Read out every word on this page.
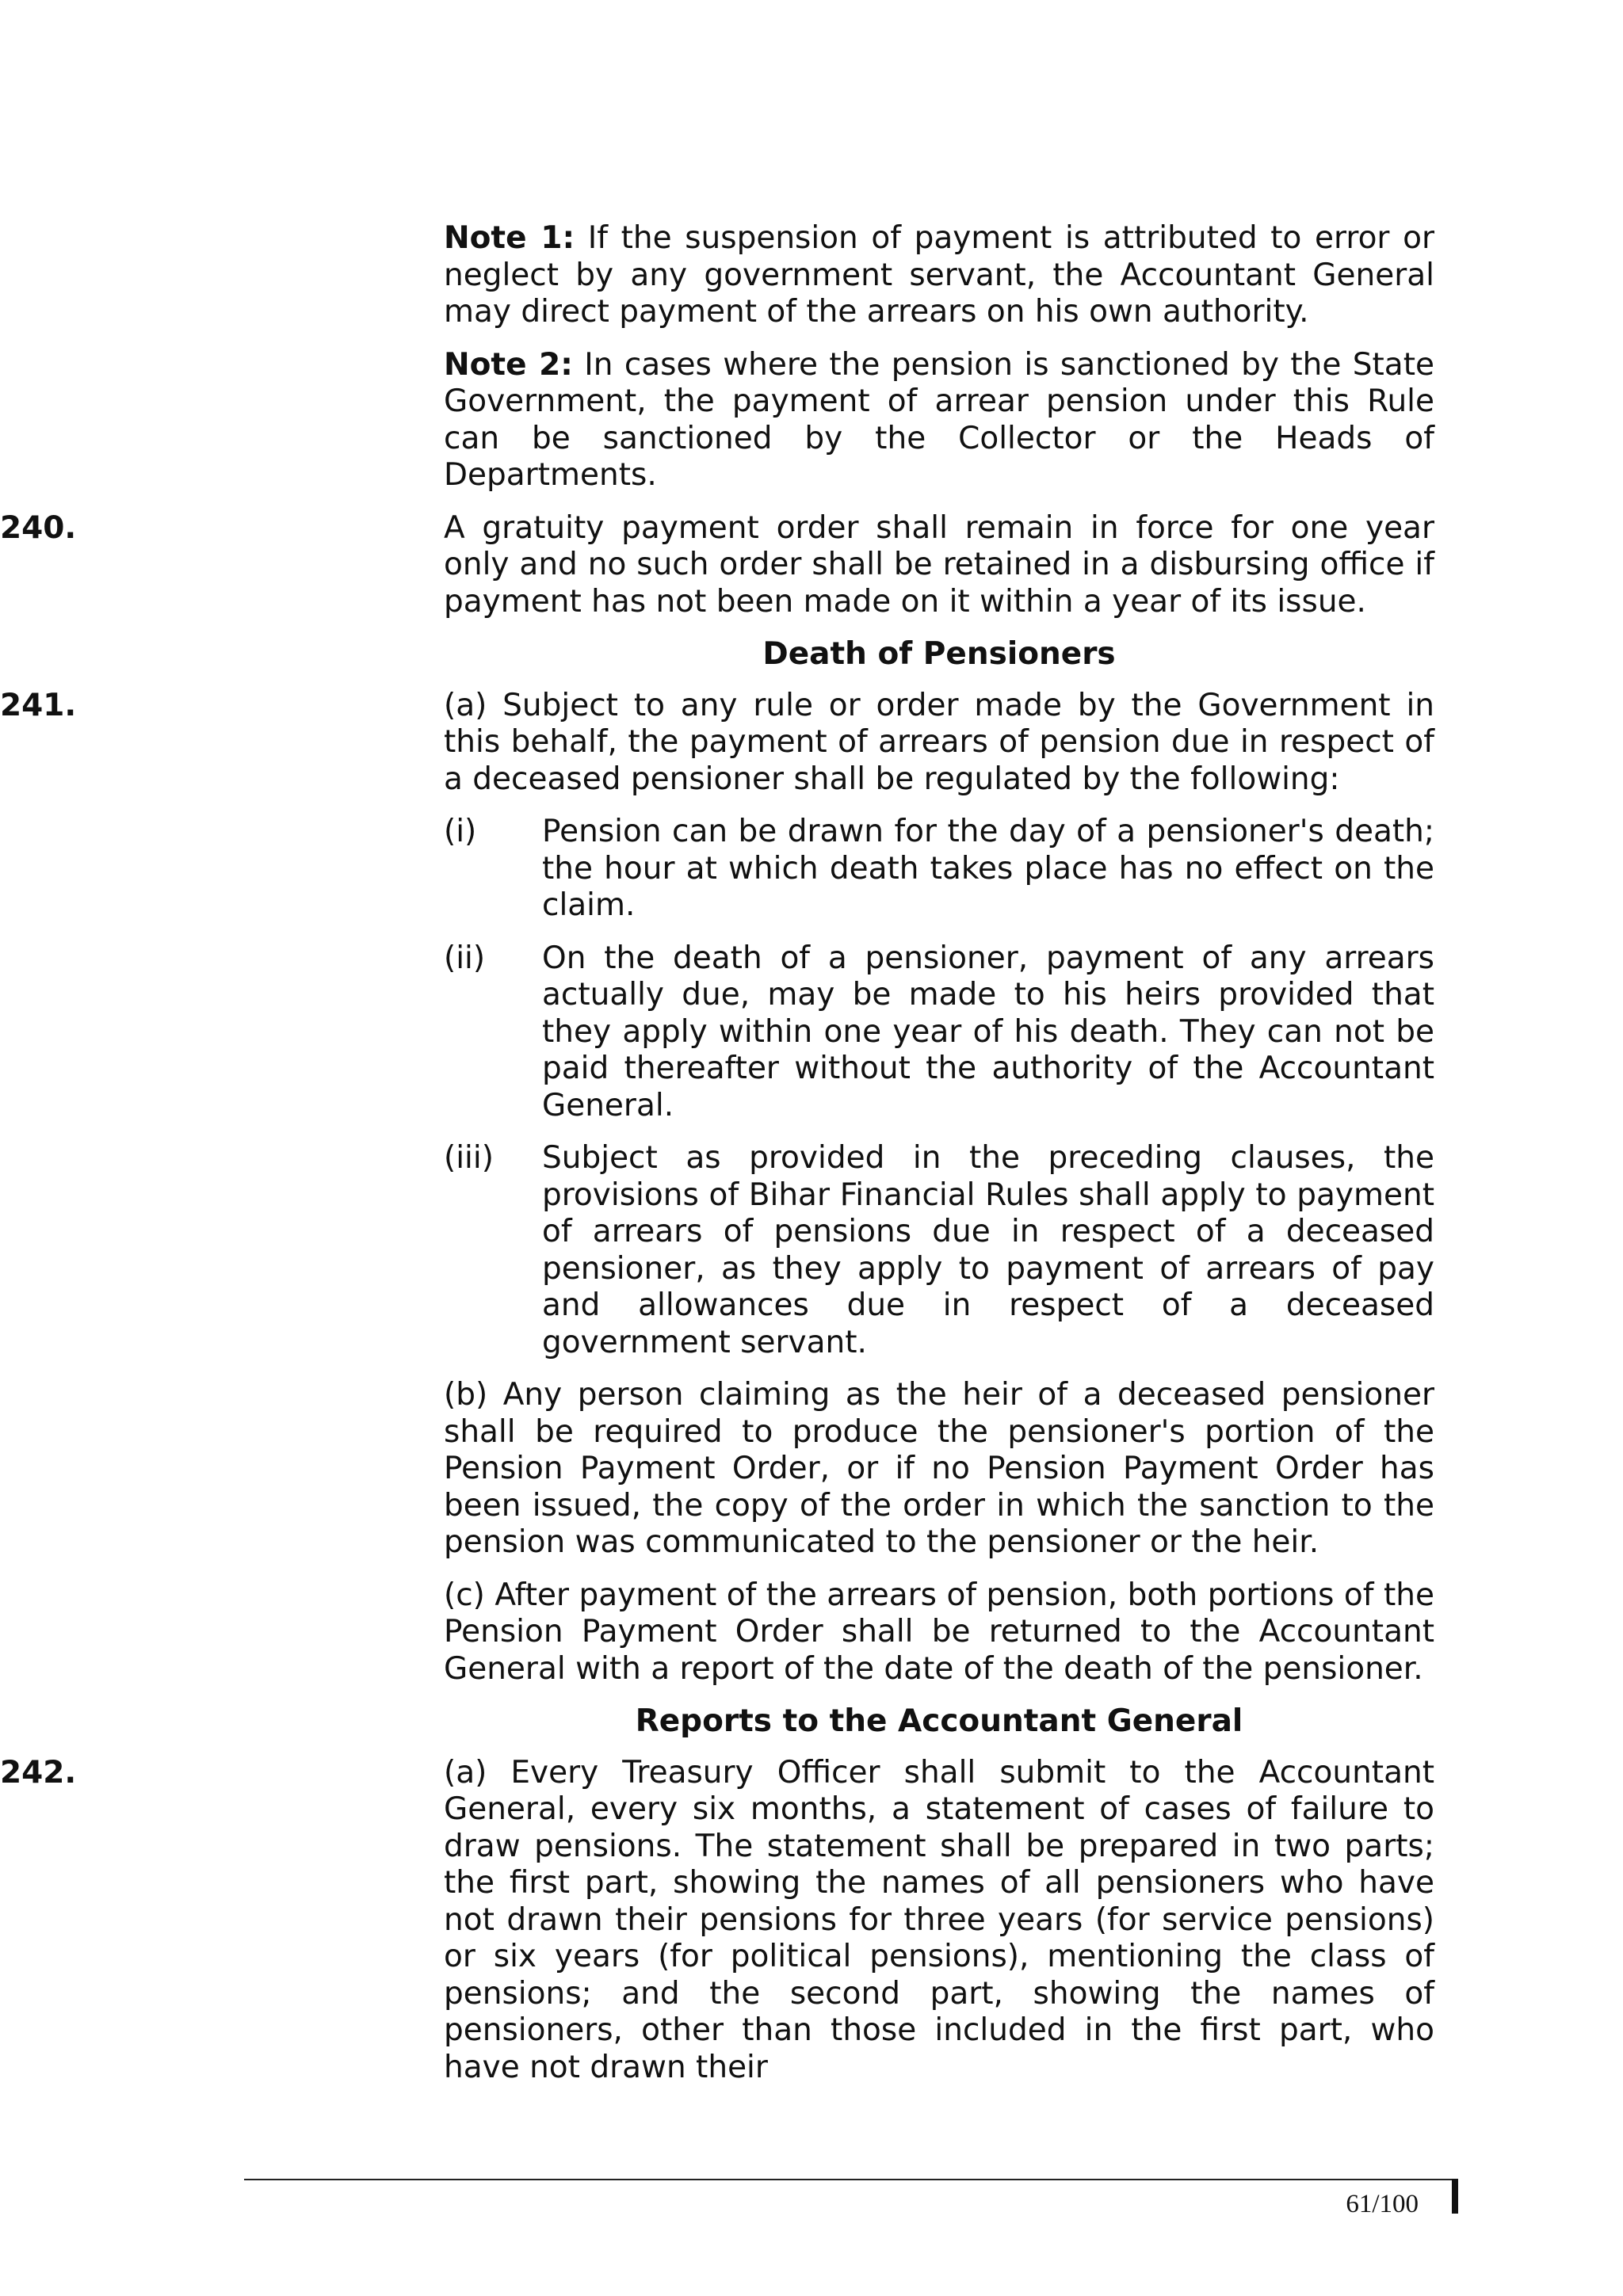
Note 1: If the suspension of payment is attributed to error or neglect by any government servant, the Accountant General may direct payment of the arrears on his own authority.

Note 2: In cases where the pension is sanctioned by the State Government, the payment of arrear pension under this Rule can be sanctioned by the Collector or the Heads of Departments.

240.	A gratuity payment order shall remain in force for one year only and no such order shall be retained in a disbursing office if payment has not been made on it within a year of its issue.

Death of Pensioners
241.	(a) Subject to any rule or order made by the Government in this behalf, the payment of arrears of pension due in respect of a deceased pensioner shall be regulated by the following:

(i)	Pension can be drawn for the day of a pensioner's death; the hour at which death takes place has no effect on the claim.
(ii)	On the death of a pensioner, payment of any arrears actually due, may be made to his heirs provided that they apply within one year of his death. They can not be paid thereafter without the authority of the Accountant General.
(iii)	Subject as provided in the preceding clauses, the provisions of Bihar Financial Rules shall apply to payment of arrears of pensions due in respect of a deceased pensioner, as they apply to payment of arrears of pay and allowances due in respect of a deceased government servant.

(b) Any person claiming as the heir of a deceased pensioner shall be required to produce the pensioner's portion of the Pension Payment Order, or if no Pension Payment Order has been issued, the copy of the order in which the sanction to the pension was communicated to the pensioner or the heir.

(c) After payment of the arrears of pension, both portions of the Pension Payment Order shall be returned to the Accountant General with a report of the date of the death of the pensioner.

Reports to the Accountant General
242.	(a) Every Treasury Officer shall submit to the Accountant General, every six months, a statement of cases of failure to draw pensions. The statement shall be prepared in two parts; the first part, showing the names of all pensioners who have not drawn their pensions for three years (for service pensions) or six years (for political pensions), mentioning the class of pensions; and the second part, showing the names of pensioners, other than those included in the first part, who have not drawn their

61/100
